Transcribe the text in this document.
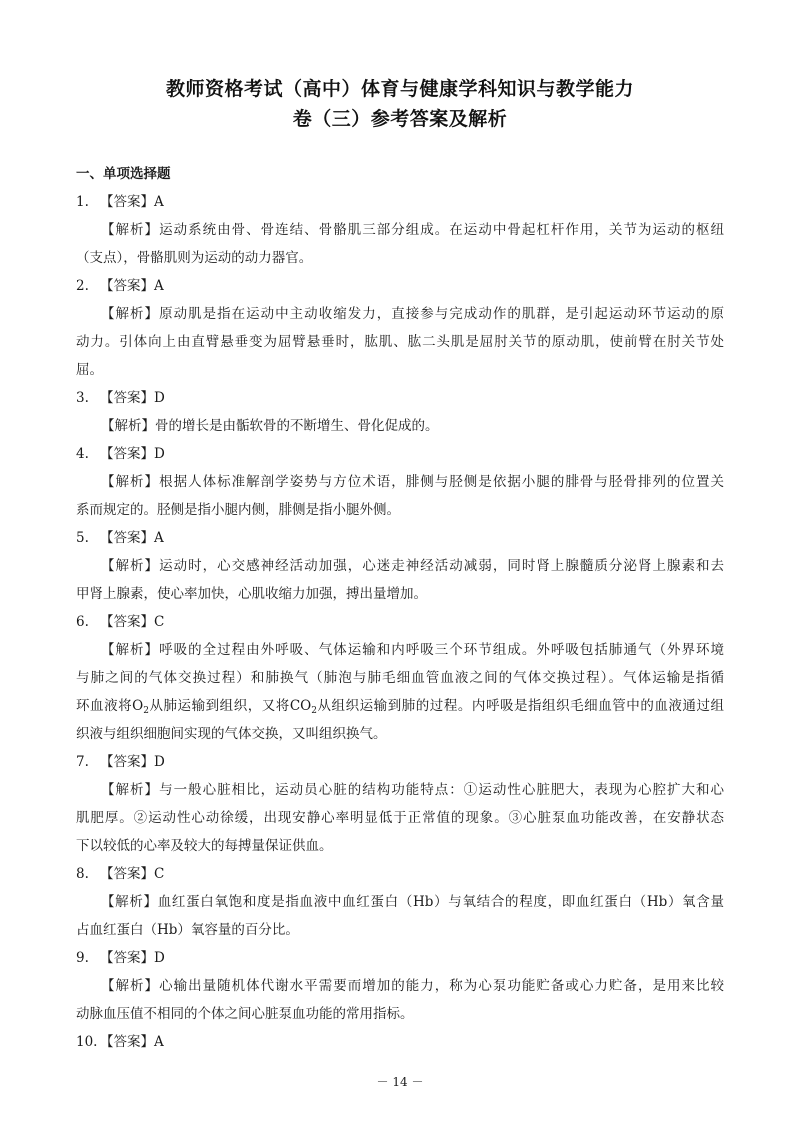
教师资格考试（高中）体育与健康学科知识与教学能力
卷（三）参考答案及解析
一、单项选择题
1. 【答案】A
【解析】运动系统由骨、骨连结、骨骼肌三部分组成。在运动中骨起杠杆作用，关节为运动的枢纽
（支点），骨骼肌则为运动的动力器官。
2. 【答案】A
【解析】原动肌是指在运动中主动收缩发力，直接参与完成动作的肌群，是引起运动环节运动的原
动力。引体向上由直臂悬垂变为屈臂悬垂时，肱肌、肱二头肌是屈肘关节的原动肌，使前臂在肘关节处
屈。
3. 【答案】D
【解析】骨的增长是由骺软骨的不断增生、骨化促成的。
4. 【答案】D
【解析】根据人体标准解剖学姿势与方位术语，腓侧与胫侧是依据小腿的腓骨与胫骨排列的位置关
系而规定的。胫侧是指小腿内侧，腓侧是指小腿外侧。
5. 【答案】A
【解析】运动时，心交感神经活动加强，心迷走神经活动减弱，同时肾上腺髓质分泌肾上腺素和去
甲肾上腺素，使心率加快，心肌收缩力加强，搏出量增加。
6. 【答案】C
【解析】呼吸的全过程由外呼吸、气体运输和内呼吸三个环节组成。外呼吸包括肺通气（外界环境
与肺之间的气体交换过程）和肺换气（肺泡与肺毛细血管血液之间的气体交换过程）。气体运输是指循
环血液将$O_2$从肺运输到组织，又将$CO_2$从组织运输到肺的过程。内呼吸是指组织毛细血管中的血液通过组
织液与组织细胞间实现的气体交换，又叫组织换气。
7. 【答案】D
【解析】与一般心脏相比，运动员心脏的结构功能特点：①运动性心脏肥大，表现为心腔扩大和心
肌肥厚。②运动性心动徐缓，出现安静心率明显低于正常值的现象。③心脏泵血功能改善，在安静状态
下以较低的心率及较大的每搏量保证供血。
8. 【答案】C
【解析】血红蛋白氧饱和度是指血液中血红蛋白（Hb）与氧结合的程度，即血红蛋白（Hb）氧含量
占血红蛋白（Hb）氧容量的百分比。
9. 【答案】D
【解析】心输出量随机体代谢水平需要而增加的能力，称为心泵功能贮备或心力贮备，是用来比较
动脉血压值不相同的个体之间心脏泵血功能的常用指标。
10. 【答案】A
－ 14 －
